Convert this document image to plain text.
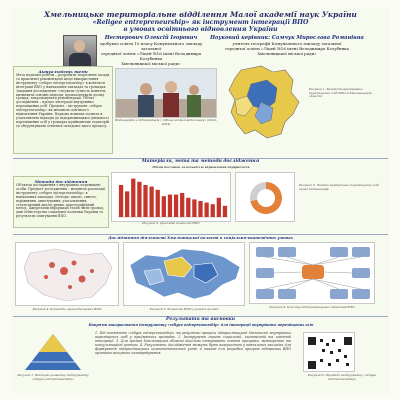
Хмельницьке територіальне відділення Малої академії наук України
«Religee entrepreneurship» як інструмент інтеграції ВПО
в умовах освітнього відновлення України
Нестерович Олексій Ігорович
здобувач освіти 10 класу Комунального закладу загальної
середньої освіти «Ліцей №16 імені Володимира Козубняка
Хмельницької міської ради»
Науковий керівник: Самчук Мирослава Романівна
учитель географії Комунального закладу загальної
середньої освіти «Ліцей №16 імені Володимира Козубняка
Хмельницької міської ради»
Актуальність теми

Мета наукової роботи – розробити теоретичні засади та практичні рекомендації щодо використання інструменту «religee entrepreneurship» в контексті інтеграції ВПО у навчальних закладах та громадах. Завдання дослідження: з'ясувати сутність поняття; визначити основні підходи; проаналізувати досвід громад; запропонувати рекомендації. Об'єкт дослідження – процес інтеграції внутрішньо переміщених осіб. Предмет – інструмент «religee entrepreneurship» як механізм освітнього відновлення України. Наукова новизна полягає в узагальненні підходів до підприємницької діяльності переміщених осіб у громадах приймаючих територій та обґрунтуванні освітньої складової цього процесу.

Фотографія з підприємцем / «Місце ночівлі відпочинку» (2022-2024)
Рисунок 1. Кількість внутрішньо переміщених осіб ВПО в Хмельницькій області
Матеріали, мета та методи дослідження
Методи дослідження

Об'єктом дослідження є внутрішньо переміщені особи. Предмет дослідження – механізм реалізації інструменту «religee entrepreneurship» в навчальних закладах. Методи: аналіз, синтез, порівняння, анкетування, узагальнення, статистичний аналіз даних, картографічний метод. Джерелами інформації стали звіти громад, дані Міністерства соціальної політики України та результати опитування ВПО.

Місця поставок за кількістю відновлених підприємств
Рисунок 2. Динаміка кількості ВПО
Рисунок 3. Частка внутрішньо переміщених осіб серед підприємців
Дослідження діяльності Хмельницької області в соціально-економічних умовах
Рисунок 4. Кількість зареєстрованих ВПО	Рисунок 5. Кількість ВПО у розрізі громад	Рисунок 6. Кластер підприємницьких ініціатив ВПО
Результати та висновки
Напрями використання інструменту «religee entrepreneurship» для інтеграції внутрішньо переміщених осіб
Рисунок 7. Вектори розвитку інструменту «religee entrepreneurship»

1. Під поняттям «religee entrepreneurship» ми розуміємо процеси підприємницької діяльності внутрішньо переміщених осіб у приймаючих громадах. 2. Інструмент сприяє соціальній, економічній та освітній інтеграції. 3. Для громад Хмельницької області доцільно створювати освітні програми, менторство та консультаційні центри. 4. Результати дослідження можуть бути використані у навчальних закладах для формування підприємницьких компетентностей учнів, а також для розробки програм підтримки ВПО органами місцевого самоврядування.

Рисунок 8. Піраміда інструменту «religee entrepreneurship»
